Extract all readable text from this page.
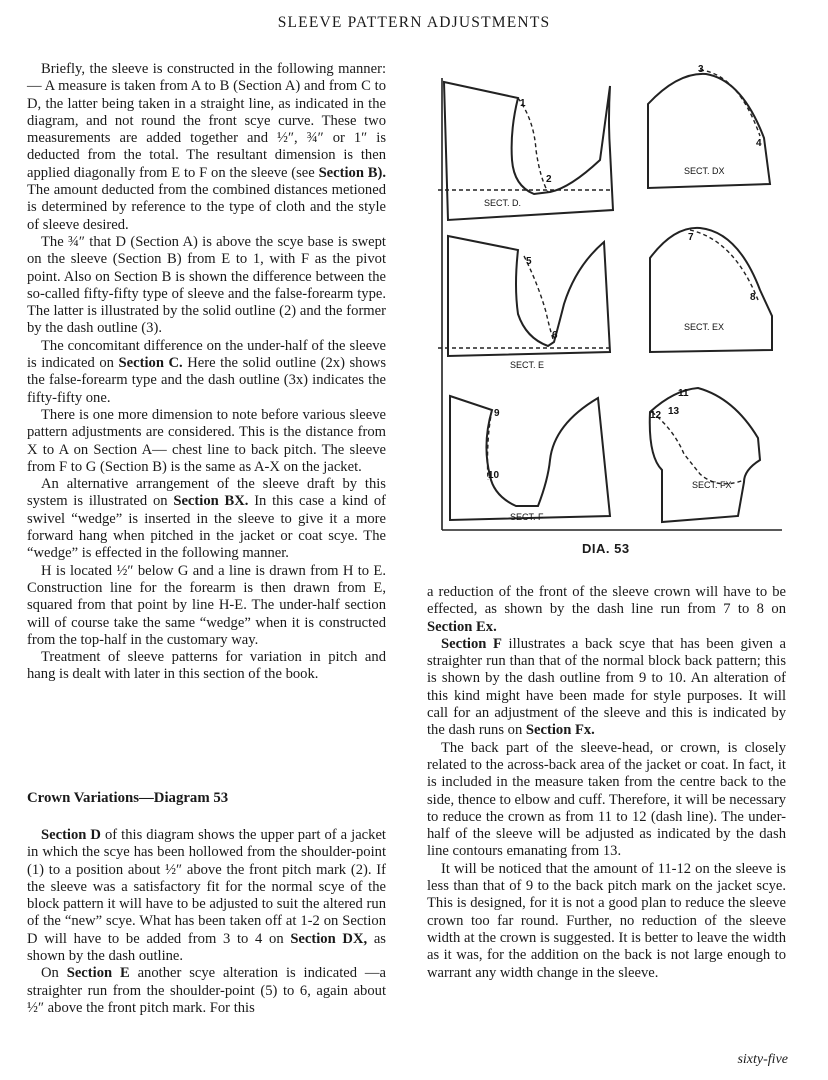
SLEEVE PATTERN ADJUSTMENTS

Briefly, the sleeve is constructed in the following manner:— A measure is taken from A to B (Section A) and from C to D, the latter being taken in a straight line, as indicated in the diagram, and not round the front scye curve. These two measurements are added together and ½″, ¾″ or 1″ is deducted from the total. The resultant dimension is then applied diagonally from E to F on the sleeve (see Section B). The amount deducted from the combined distances metioned is determined by reference to the type of cloth and the style of sleeve desired.

The ¾″ that D (Section A) is above the scye base is swept on the sleeve (Section B) from E to 1, with F as the pivot point. Also on Section B is shown the difference between the so-called fifty-fifty type of sleeve and the false-forearm type. The latter is illustrated by the solid outline (2) and the former by the dash outline (3).

The concomitant difference on the under-half of the sleeve is indicated on Section C. Here the solid outline (2x) shows the false-forearm type and the dash outline (3x) indicates the fifty-fifty one.

There is one more dimension to note before various sleeve pattern adjustments are considered. This is the distance from X to A on Section A— chest line to back pitch. The sleeve from F to G (Section B) is the same as A-X on the jacket.

An alternative arrangement of the sleeve draft by this system is illustrated on Section BX. In this case a kind of swivel “wedge” is inserted in the sleeve to give it a more forward hang when pitched in the jacket or coat scye. The “wedge” is effected in the following manner.

H is located ½″ below G and a line is drawn from H to E. Construction line for the forearm is then drawn from E, squared from that point by line H-E. The under-half section will of course take the same “wedge” when it is constructed from the top-half in the customary way.

Treatment of sleeve patterns for variation in pitch and hang is dealt with later in this section of the book.

Crown Variations—Diagram 53

Section D of this diagram shows the upper part of a jacket in which the scye has been hollowed from the shoulder-point (1) to a position about ½″ above the front pitch mark (2). If the sleeve was a satisfactory fit for the normal scye of the block pattern it will have to be adjusted to suit the altered run of the “new” scye. What has been taken off at 1-2 on Section D will have to be added from 3 to 4 on Section DX, as shown by the dash outline.

On Section E another scye alteration is indicated —a straighter run from the shoulder-point (5) to 6, again about ½″ above the front pitch mark. For this

SECT. D.
SECT. DX
SECT. E
SECT. EX
SECT. F
SECT. FX
1
2
3
4
5
6
7
8
9
10
11
12 13
DIA. 53

a reduction of the front of the sleeve crown will have to be effected, as shown by the dash line run from 7 to 8 on Section Ex.

Section F illustrates a back scye that has been given a straighter run than that of the normal block back pattern; this is shown by the dash outline from 9 to 10. An alteration of this kind might have been made for style purposes. It will call for an adjustment of the sleeve and this is indicated by the dash runs on Section Fx.

The back part of the sleeve-head, or crown, is closely related to the across-back area of the jacket or coat. In fact, it is included in the measure taken from the centre back to the side, thence to elbow and cuff. Therefore, it will be necessary to reduce the crown as from 11 to 12 (dash line). The under-half of the sleeve will be adjusted as indicated by the dash line contours emanating from 13.

It will be noticed that the amount of 11-12 on the sleeve is less than that of 9 to the back pitch mark on the jacket scye. This is designed, for it is not a good plan to reduce the sleeve crown too far round. Further, no reduction of the sleeve width at the crown is suggested. It is better to leave the width as it was, for the addition on the back is not large enough to warrant any width change in the sleeve.

sixty-five
